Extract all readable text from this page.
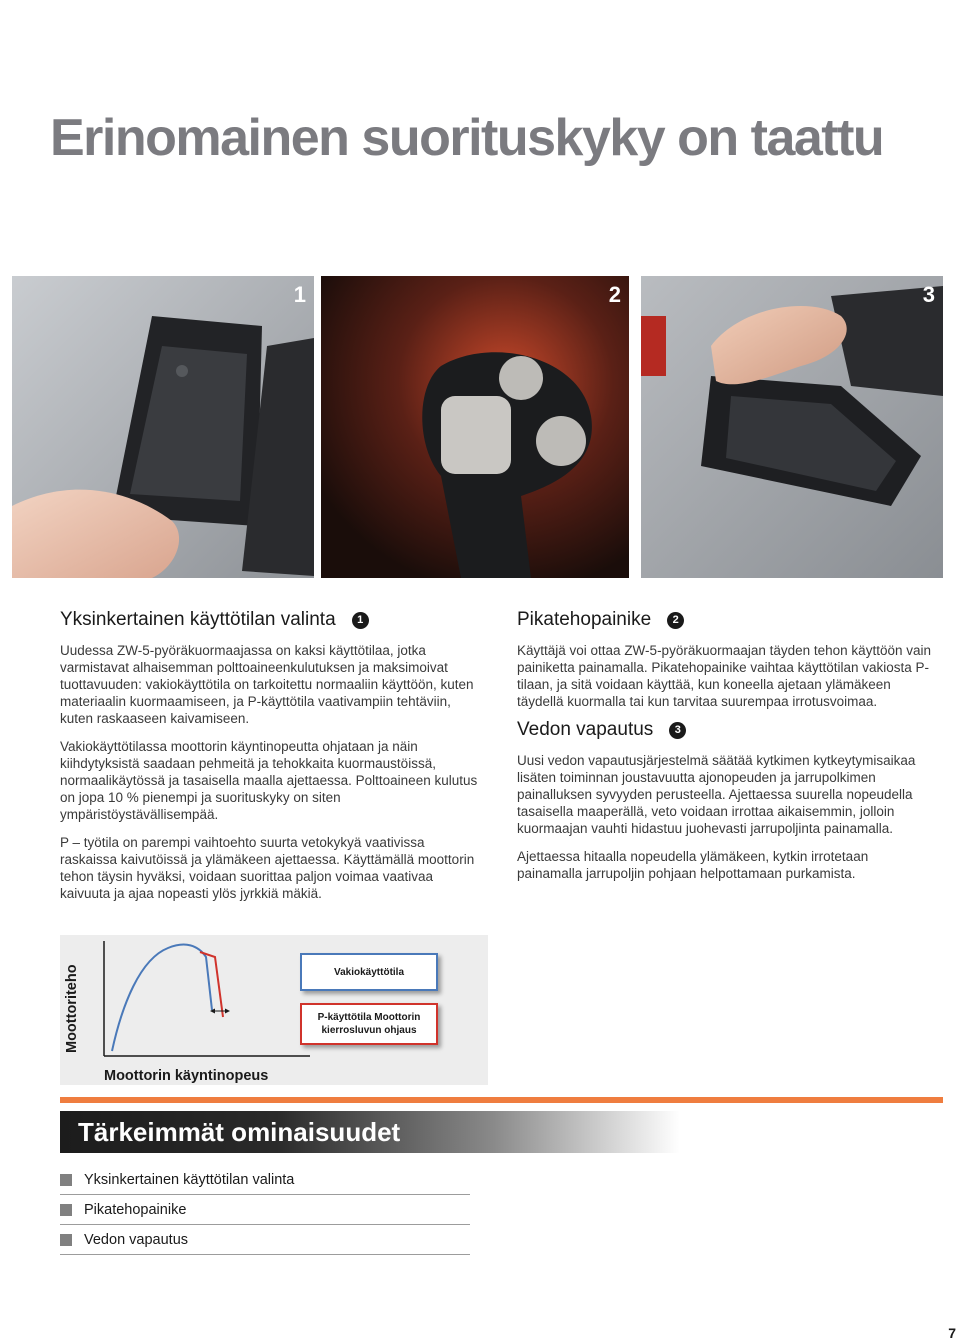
Erinomainen suorituskyky on taattu
1	2	3
Yksinkertainen käyttötilan valinta	1

Uudessa ZW-5-pyöräkuormaajassa on kaksi käyttötilaa, jotka varmistavat alhaisemman polttoaineenkulutuksen ja maksimoivat tuottavuuden: vakiokäyttötila on tarkoitettu normaaliin käyttöön, kuten materiaalin kuormaamiseen, ja P-käyttötila vaativampiin tehtäviin, kuten raskaaseen kaivamiseen.

Vakiokäyttötilassa moottorin käyntinopeutta ohjataan ja näin kiihdytyksistä saadaan pehmeitä ja tehokkaita kuormaustöissä, normaalikäytössä ja tasaisella maalla ajettaessa. Polttoaineen kulutus on jopa 10 % pienempi ja suorituskyky on siten ympäristöystävällisempää.

P – työtila on parempi vaihtoehto suurta vetokykyä vaativissa raskaissa kaivutöissä ja ylämäkeen ajettaessa. Käyttämällä moottorin tehon täysin hyväksi, voidaan suorittaa paljon voimaa vaativaa kaivuuta ja ajaa nopeasti ylös jyrkkiä mäkiä.

Pikatehopainike	2

Käyttäjä voi ottaa ZW-5-pyöräkuormaajan täyden tehon käyttöön vain painiketta painamalla. Pikatehopainike vaihtaa käyttötilan vakiosta P-tilaan, ja sitä voidaan käyttää, kun koneella ajetaan ylämäkeen täydellä kuormalla tai kun tarvitaa suurempaa irrotusvoimaa.

Vedon vapautus	3

Uusi vedon vapautusjärjestelmä säätää kytkimen kytkeytymisaikaa lisäten toiminnan joustavuutta ajonopeuden ja jarrupolkimen painalluksen syvyyden perusteella. Ajettaessa suurella nopeudella tasaisella maaperällä, veto voidaan irrottaa aikaisemmin, jolloin kuormaajan vauhti hidastuu juohevasti jarrupoljinta painamalla.

Ajettaessa hitaalla nopeudella ylämäkeen, kytkin irrotetaan painamalla jarrupoljin pohjaan helpottamaan purkamista.

Moottoriteho
Moottorin käyntinopeus
Vakiokäyttötila
P-käyttötila Moottorin kierrosluvun ohjaus
Tärkeimmät ominaisuudet
Yksinkertainen käyttötilan valinta
Pikatehopainike
Vedon vapautus
7
